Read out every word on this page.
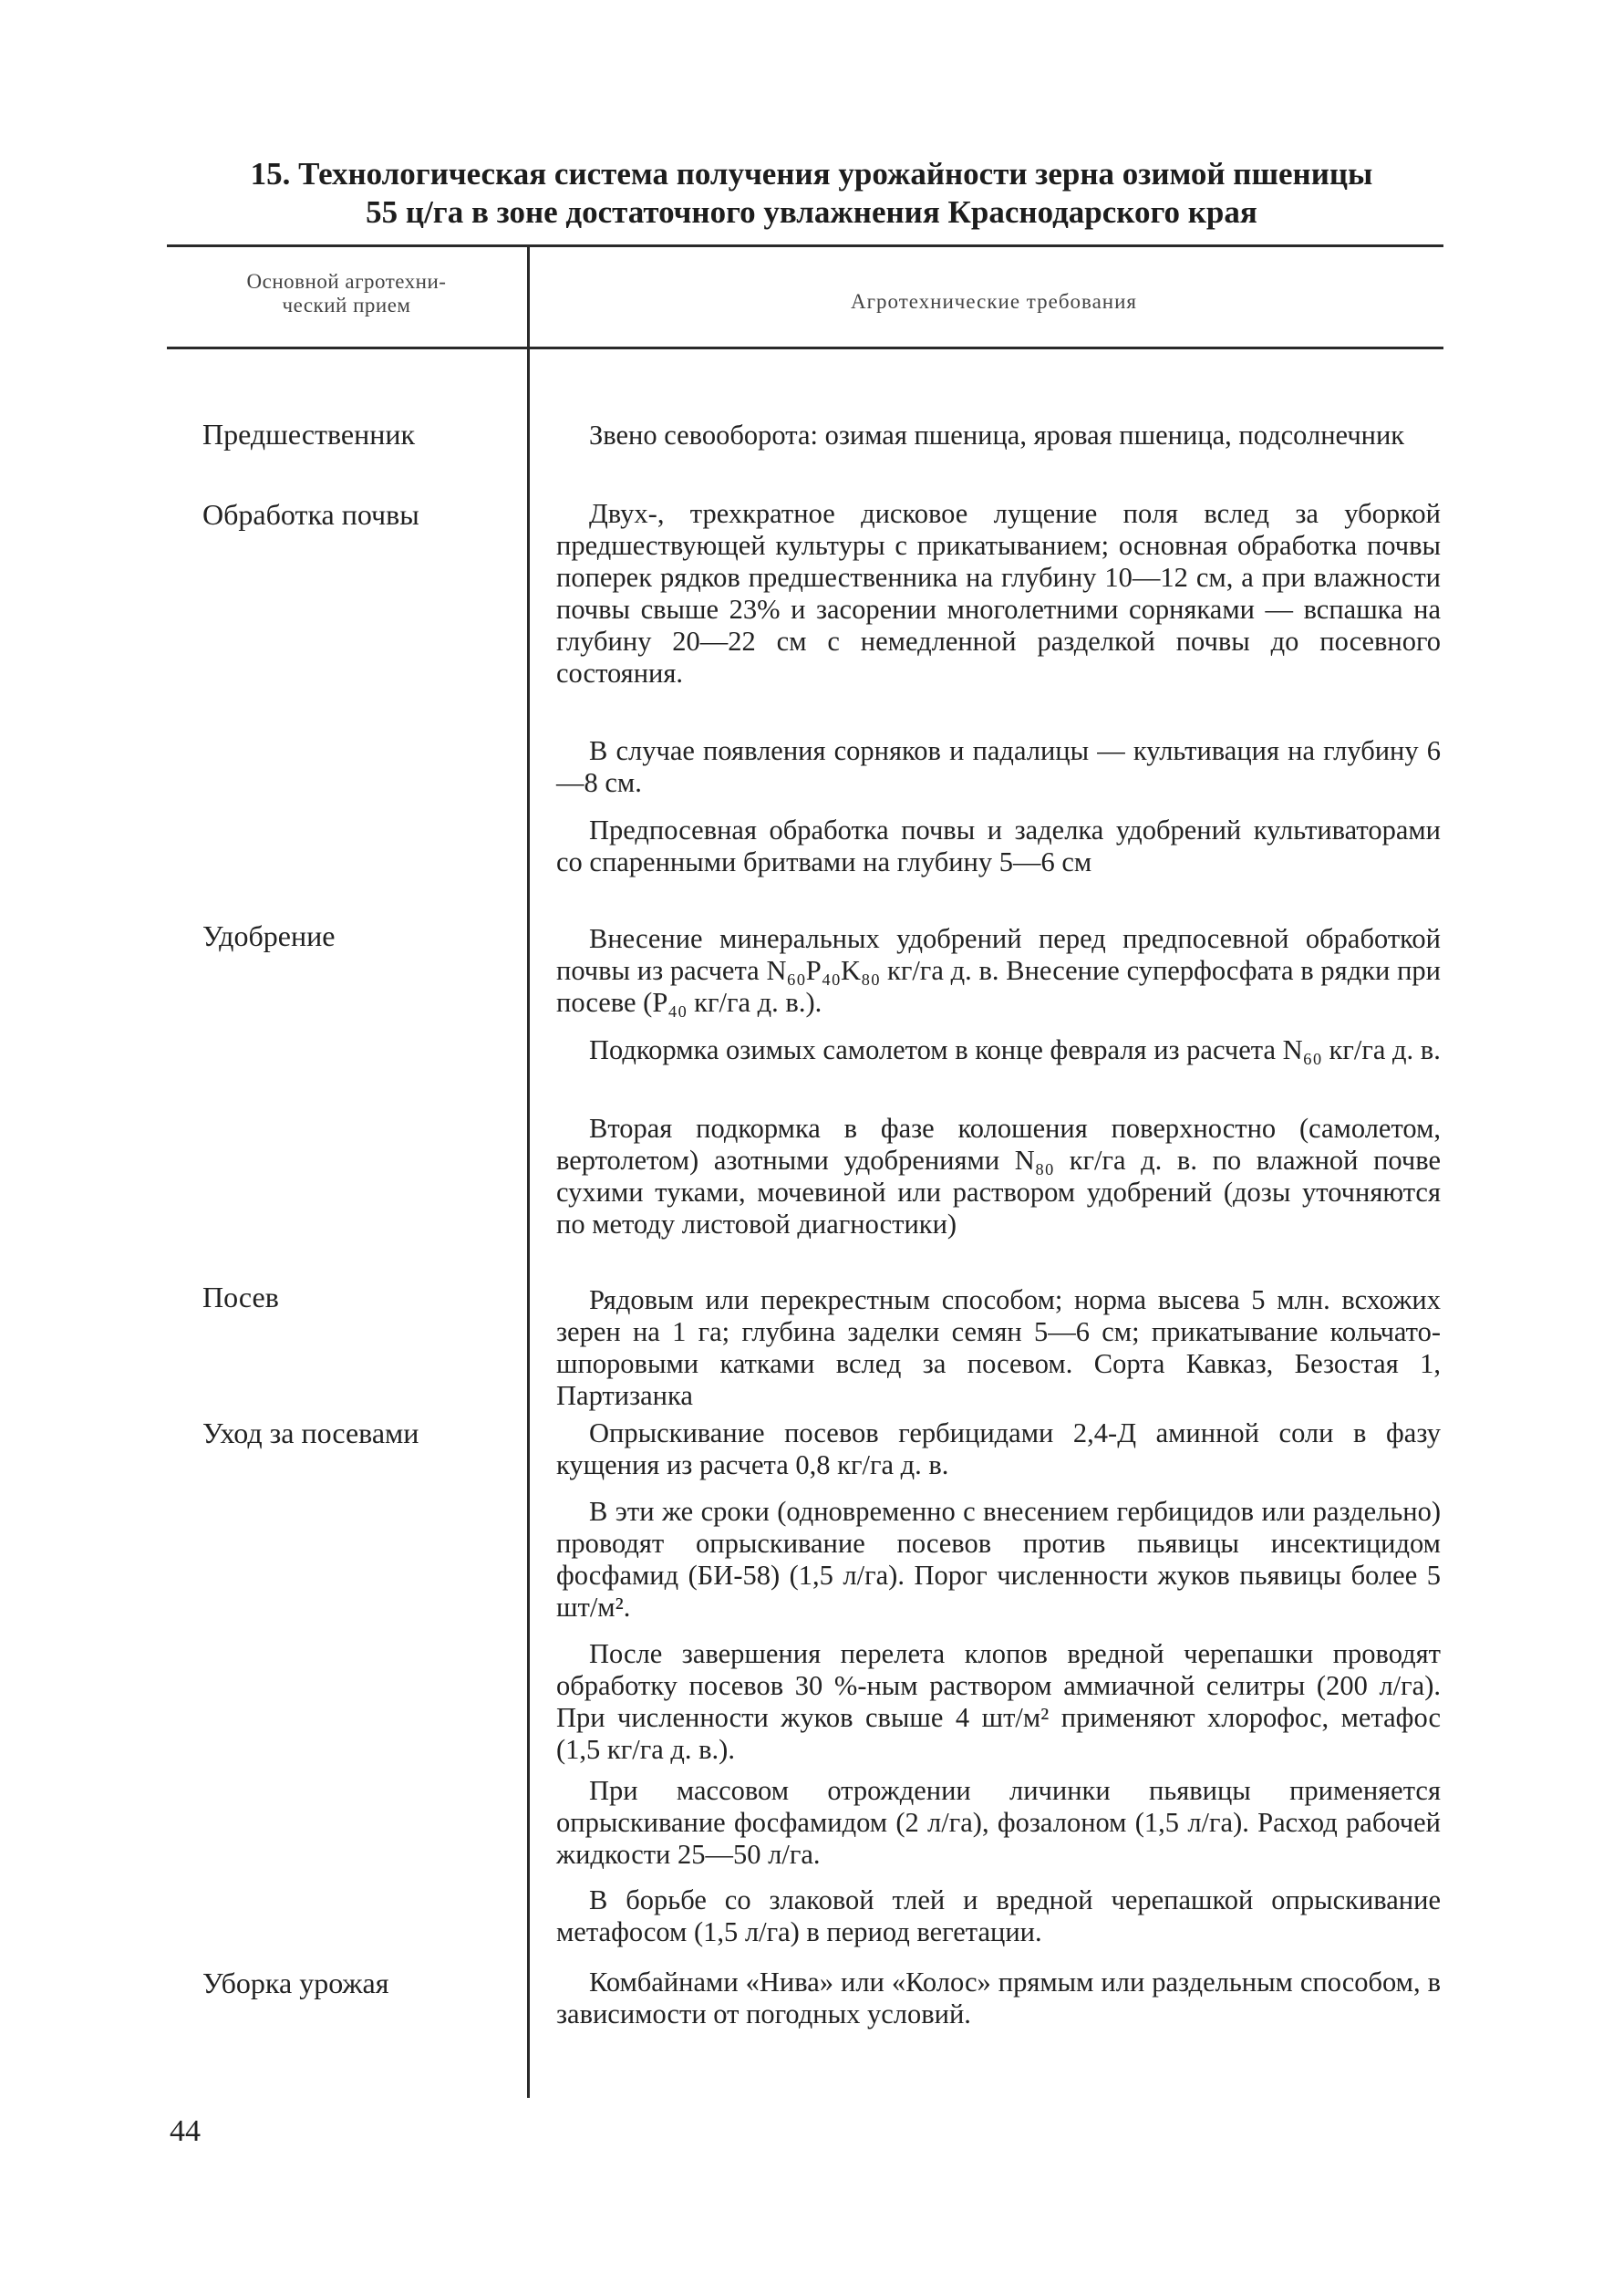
15. Технологическая система получения урожайности зерна озимой пшеницы
55 ц/га в зоне достаточного увлажнения Краснодарского края
Основной агротехни-
ческий прием	Агротехнические требования
Предшественник	Звено севооборота: озимая пшеница, яровая пшеница, подсолнечник
Обработка почвы	Двух-, трехкратное дисковое лущение поля вслед за уборкой предшествующей культуры с прикатыванием; основная обработка почвы поперек рядков предшественника на глубину 10—12 см, а при влажности почвы свыше 23% и засорении многолетними сорняками — вспашка на глубину 20—22 см с немедленной разделкой почвы до посевного состояния.
В случае появления сорняков и падалицы — культивация на глубину 6—8 см.
Предпосевная обработка почвы и заделка удобрений культиваторами со спаренными бритвами на глубину 5—6 см
Удобрение	Внесение минеральных удобрений перед предпосевной обработкой почвы из расчета N₆₀P₄₀K₈₀ кг/га д. в. Внесение суперфосфата в рядки при посеве (P₄₀ кг/га д. в.).
Подкормка озимых самолетом в конце февраля из расчета N₆₀ кг/га д. в.
Вторая подкормка в фазе колошения поверхностно (самолетом, вертолетом) азотными удобрениями N₈₀ кг/га д. в. по влажной почве сухими туками, мочевиной или раствором удобрений (дозы уточняются по методу листовой диагностики)
Посев	Рядовым или перекрестным способом; норма высева 5 млн. всхожих зерен на 1 га; глубина заделки семян 5—6 см; прикатывание кольчато-шпоровыми катками вслед за посевом. Сорта Кавказ, Безостая 1, Партизанка
Уход за посевами	Опрыскивание посевов гербицидами 2,4-Д аминной соли в фазу кущения из расчета 0,8 кг/га д. в.
В эти же сроки (одновременно с внесением гербицидов или раздельно) проводят опрыскивание посевов против пьявицы инсектицидом фосфамид (БИ-58) (1,5 л/га). Порог численности жуков пьявицы более 5 шт/м².
После завершения перелета клопов вредной черепашки проводят обработку посевов 30 %-ным раствором аммиачной селитры (200 л/га). При численности жуков свыше 4 шт/м² применяют хлорофос, метафос (1,5 кг/га д. в.).
При массовом отрождении личинки пьявицы применяется опрыскивание фосфамидом (2 л/га), фозалоном (1,5 л/га). Расход рабочей жидкости 25—50 л/га.
В борьбе со злаковой тлей и вредной черепашкой опрыскивание метафосом (1,5 л/га) в период вегетации.
Уборка урожая	Комбайнами «Нива» или «Колос» прямым или раздельным способом, в зависимости от погодных условий.
44
